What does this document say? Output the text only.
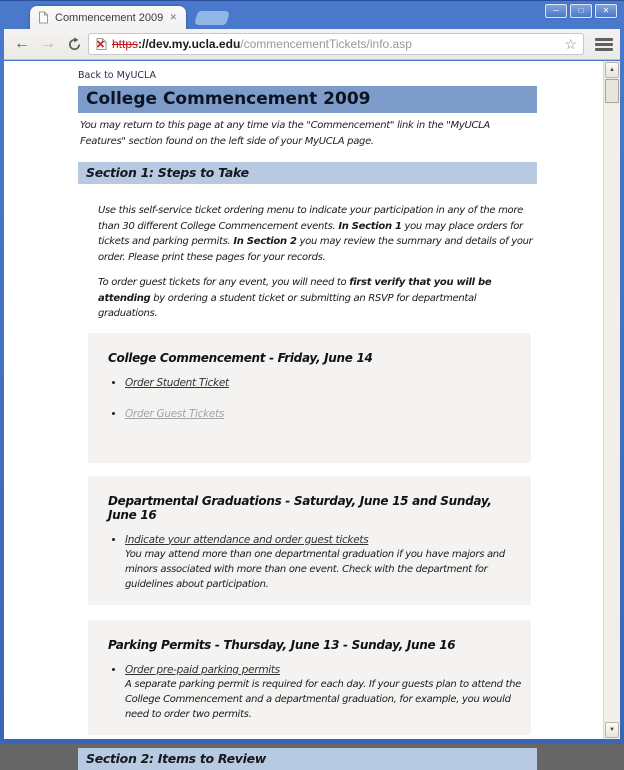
Commencement 2009 ✕
─	□	✕
← →	https ://dev.my.ucla.edu /commencementTickets/info.asp	☆
Back to MyUCLA
College Commencement 2009

You may return to this page at any time via the "Commencement" link in the "MyUCLA Features" section found on the left side of your MyUCLA page.

Section 1: Steps to Take

Use this self-service ticket ordering menu to indicate your participation in any of the more than 30 different College Commencement events. In Section 1 you may place orders for tickets and parking permits. In Section 2 you may review the summary and details of your order. Please print these pages for your records.

To order guest tickets for any event, you will need to first verify that you will be attending by ordering a student ticket or submitting an RSVP for departmental graduations.

College Commencement - Friday, June 14
• Order Student Ticket
• Order Guest Tickets
Departmental Graduations - Saturday, June 15 and Sunday, June 16
• Indicate your attendance and order guest tickets
You may attend more than one departmental graduation if you have majors and minors associated with more than one event. Check with the department for guidelines about participation.
Parking Permits - Thursday, June 13 - Sunday, June 16
• Order pre-paid parking permits
A separate parking permit is required for each day. If your guests plan to attend the College Commencement and a departmental graduation, for example, you would need to order two permits.
Section 2: Items to Review
▲
▼
